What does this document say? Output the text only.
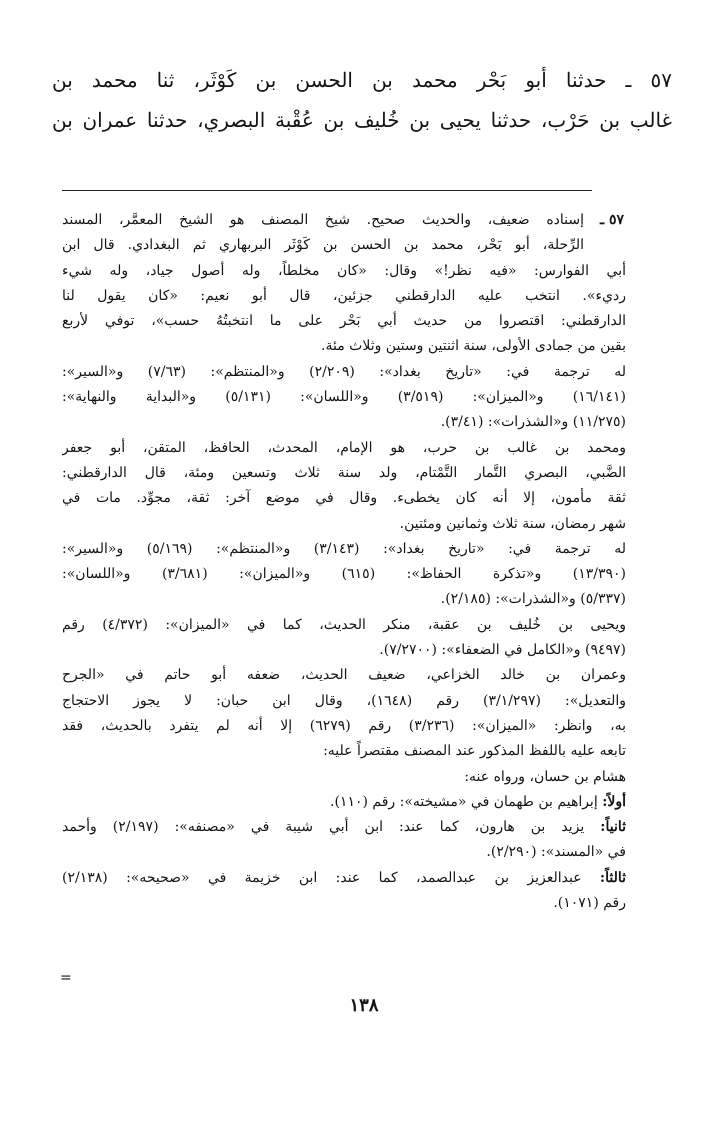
٥٧ ـ حدثنا أبو بَحْر محمد بن الحسن بن كَوْثَر، ثنا محمد بن
غالب بن حَرْب، حدثنا يحيى بن خُليف بن عُقْبة البصري، حدثنا عمران بن
٥٧ ـ
إسناده ضعيف، والحديث صحيح. شيخ المصنف هو الشيخ المعمَّر، المسند
الرِّحلة، أبو بَحْر، محمد بن الحسن بن كَوْثَر البربهاري ثم البغدادي. قال ابن
أبي الفوارس: «فيه نظر!» وقال: «كان مخلطاً، وله أصول جياد، وله شيء
رديء». انتخب عليه الدارقطني جزئين، قال أبو نعيم: «كان يقول لنا
الدارقطني: اقتصروا من حديث أبي بَحْر على ما انتخبتُهُ حسب»، توفي لأربع
بقين من جمادى الأولى، سنة اثنتين وستين وثلاث مئة.
له ترجمة في: «تاريخ بغداد»: (٢/٢٠٩) و«المنتظم»: (٧/٦٣) و«السير»:
(١٦/١٤١) و«الميزان»: (٣/٥١٩) و«اللسان»: (٥/١٣١) و«البداية والنهاية»:
(١١/٢٧٥) و«الشذرات»: (٣/٤١).
ومحمد بن غالب بن حرب، هو الإمام، المحدث، الحافظ، المتقن، أبو جعفر
الضَّبي، البصري التَّمار التَّمْتام، ولد سنة ثلاث وتسعين ومئة، قال الدارقطني:
ثقة مأمون، إلا أنه كان يخطىء. وقال في موضع آخر: ثقة، مجوِّد. مات في
شهر رمضان، سنة ثلاث وثمانين ومئتين.
له ترجمة في: «تاريخ بغداد»: (٣/١٤٣) و«المنتظم»: (٥/١٦٩) و«السير»:
(١٣/٣٩٠) و«تذكرة الحفاظ»: (٦١٥) و«الميزان»: (٣/٦٨١) و«اللسان»:
(٥/٣٣٧) و«الشذرات»: (٢/١٨٥).
ويحيى بن خُليف بن عقبة، منكر الحديث، كما في «الميزان»: (٤/٣٧٢) رقم
(٩٤٩٧) و«الكامل في الضعفاء»: (٧/٢٧٠٠).
وعمران بن خالد الخزاعي، ضعيف الحديث، ضعفه أبو حاتم في «الجرح
والتعديل»: (٣/١/٢٩٧) رقم (١٦٤٨)، وقال ابن حبان: لا يجوز الاحتجاج
به، وانظر: «الميزان»: (٣/٢٣٦) رقم (٦٢٧٩) إلا أنه لم يتفرد بالحديث، فقد
تابعه عليه باللفظ المذكور عند المصنف مقتصراً عليه:
هشام بن حسان، ورواه عنه:
أولاً: إبراهيم بن طهمان في «مشيخته»: رقم (١١٠).
ثانياً: يزيد بن هارون، كما عند: ابن أبي شيبة في «مصنفه»: (٢/١٩٧) وأحمد
في «المسند»: (٢/٢٩٠).
ثالثاً: عبدالعزيز بن عبدالصمد، كما عند: ابن خزيمة في «صحيحه»: (٢/١٣٨)
رقم (١٠٧١).
=
١٣٨
